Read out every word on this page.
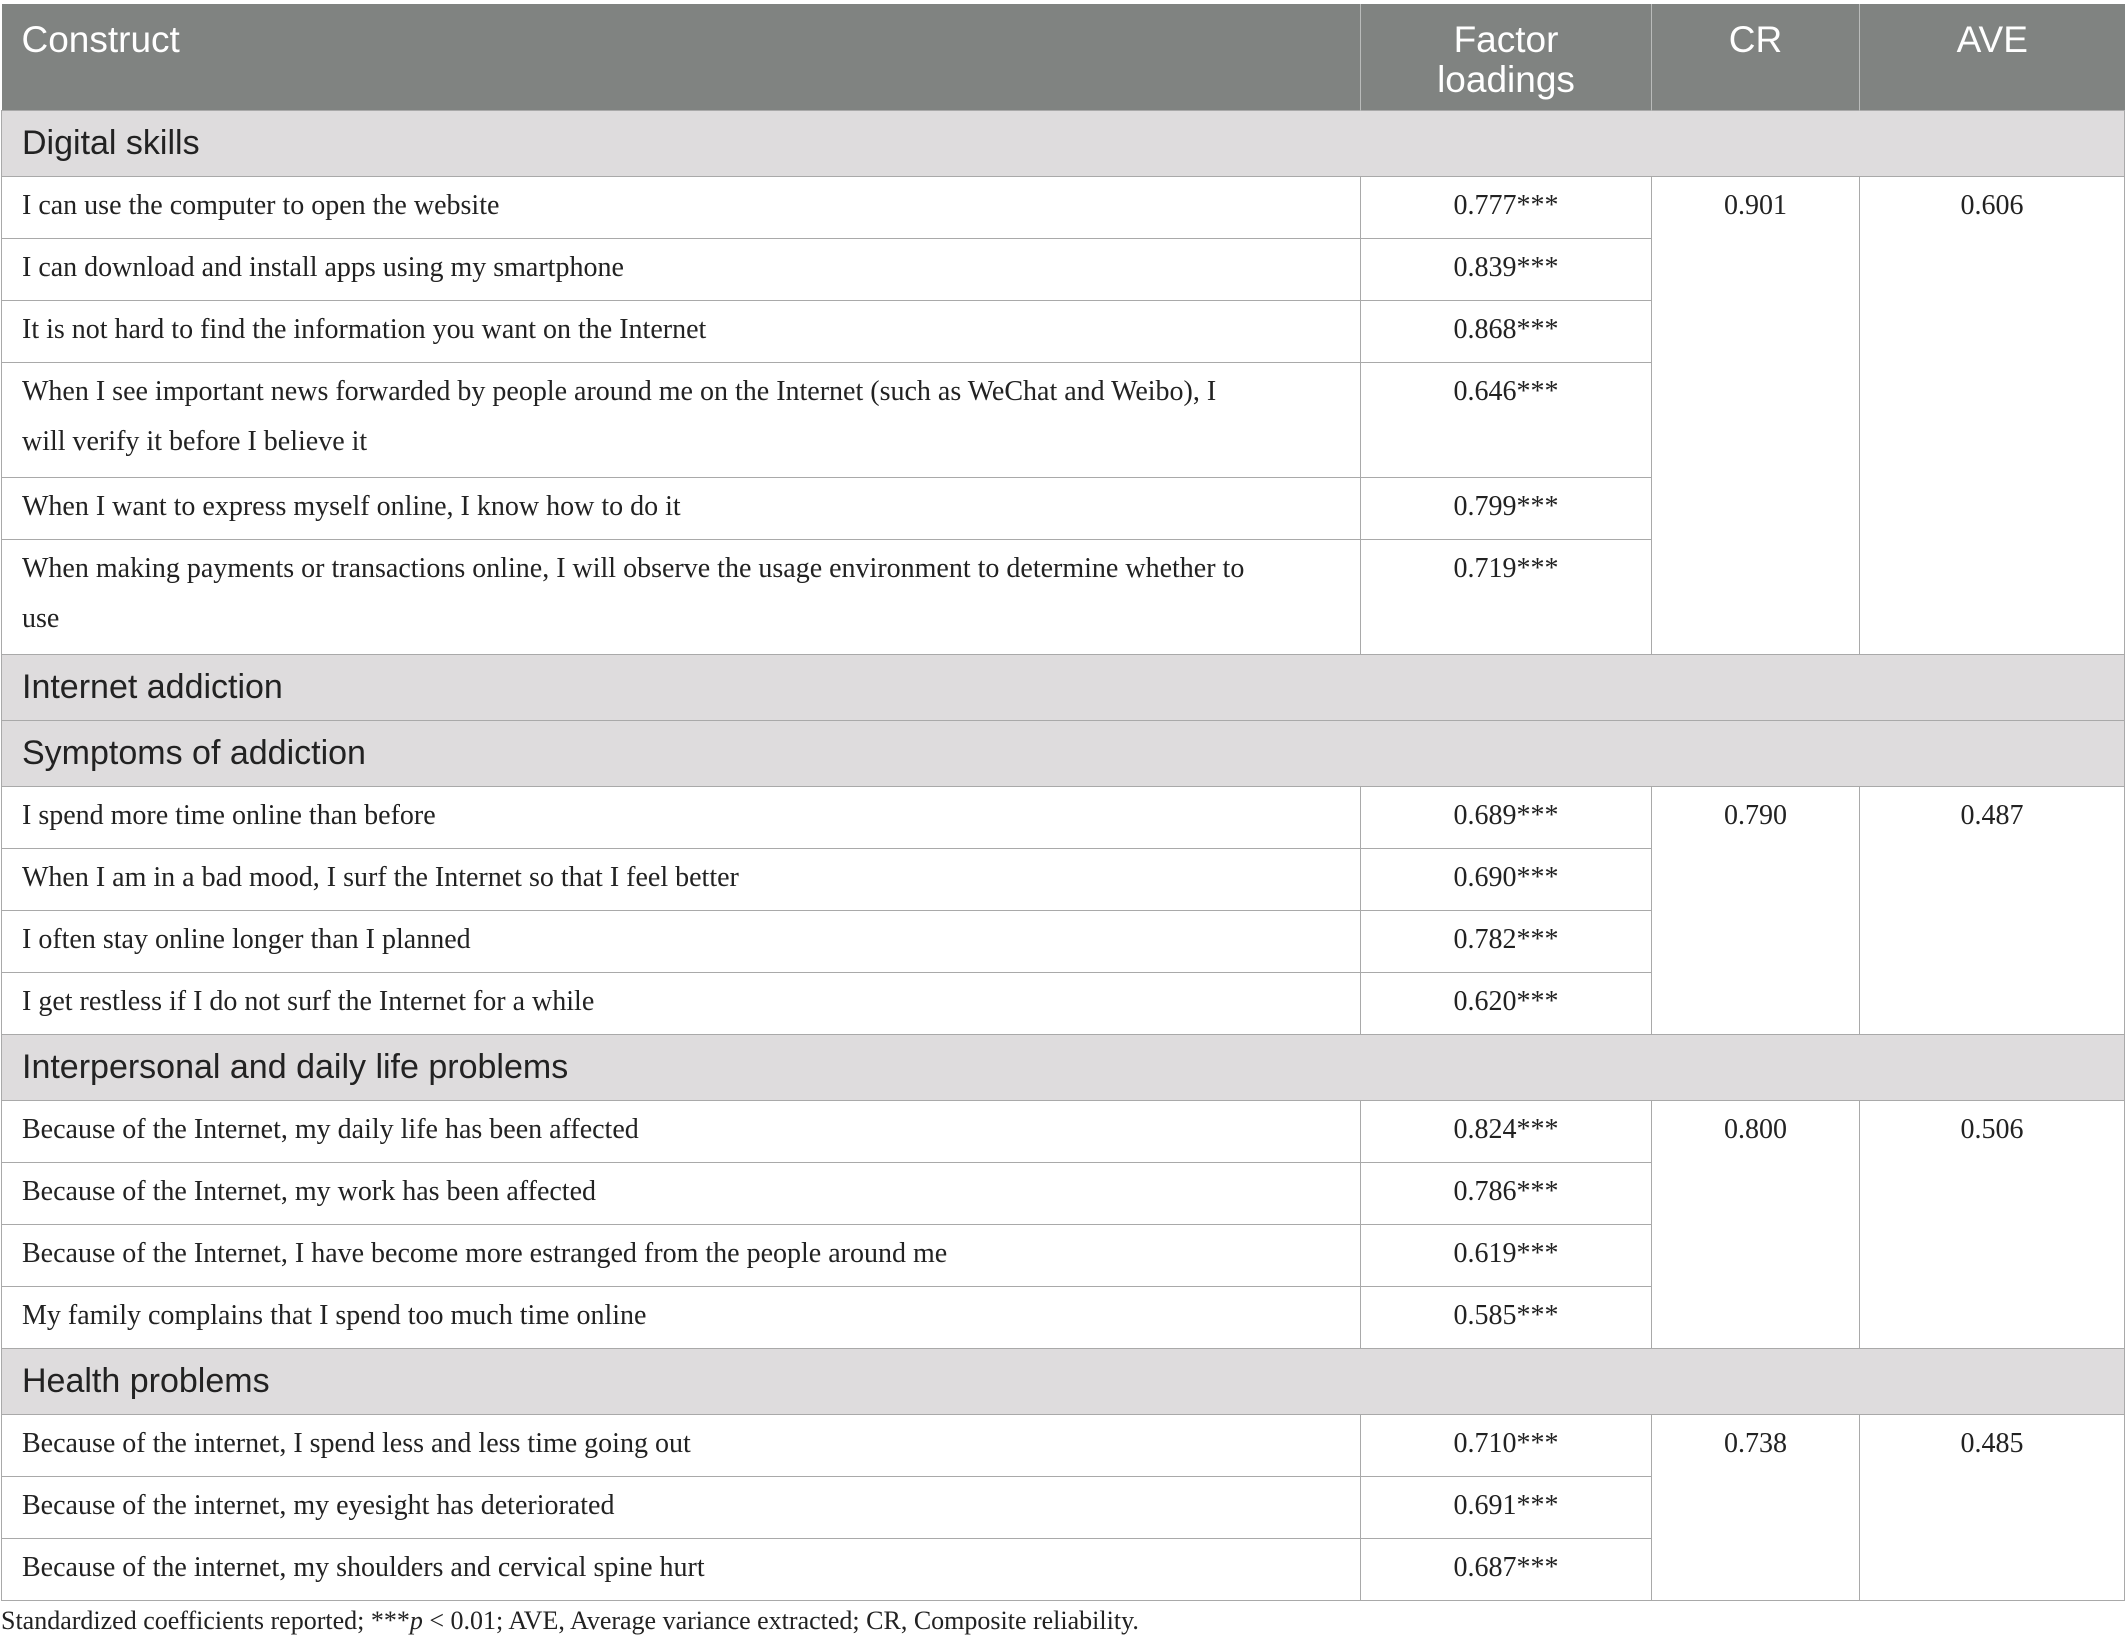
Construct	Factor loadings	CR	AVE
Digital skills			
I can use the computer to open the website	0.777***	0.901	0.606
I can download and install apps using my smartphone	0.839***		
It is not hard to find the information you want on the Internet	0.868***		
When I see important news forwarded by people around me on the Internet (such as WeChat and Weibo), I will verify it before I believe it	0.646***		
When I want to express myself online, I know how to do it	0.799***		
When making payments or transactions online, I will observe the usage environment to determine whether to use	0.719***		
Internet addiction			
Symptoms of addiction			
I spend more time online than before	0.689***	0.790	0.487
When I am in a bad mood, I surf the Internet so that I feel better	0.690***		
I often stay online longer than I planned	0.782***		
I get restless if I do not surf the Internet for a while	0.620***		
Interpersonal and daily life problems			
Because of the Internet, my daily life has been affected	0.824***	0.800	0.506
Because of the Internet, my work has been affected	0.786***		
Because of the Internet, I have become more estranged from the people around me	0.619***		
My family complains that I spend too much time online	0.585***		
Health problems			
Because of the internet, I spend less and less time going out	0.710***	0.738	0.485
Because of the internet, my eyesight has deteriorated	0.691***		
Because of the internet, my shoulders and cervical spine hurt	0.687***		
Standardized coefficients reported; ***p < 0.01; AVE, Average variance extracted; CR, Composite reliability.
